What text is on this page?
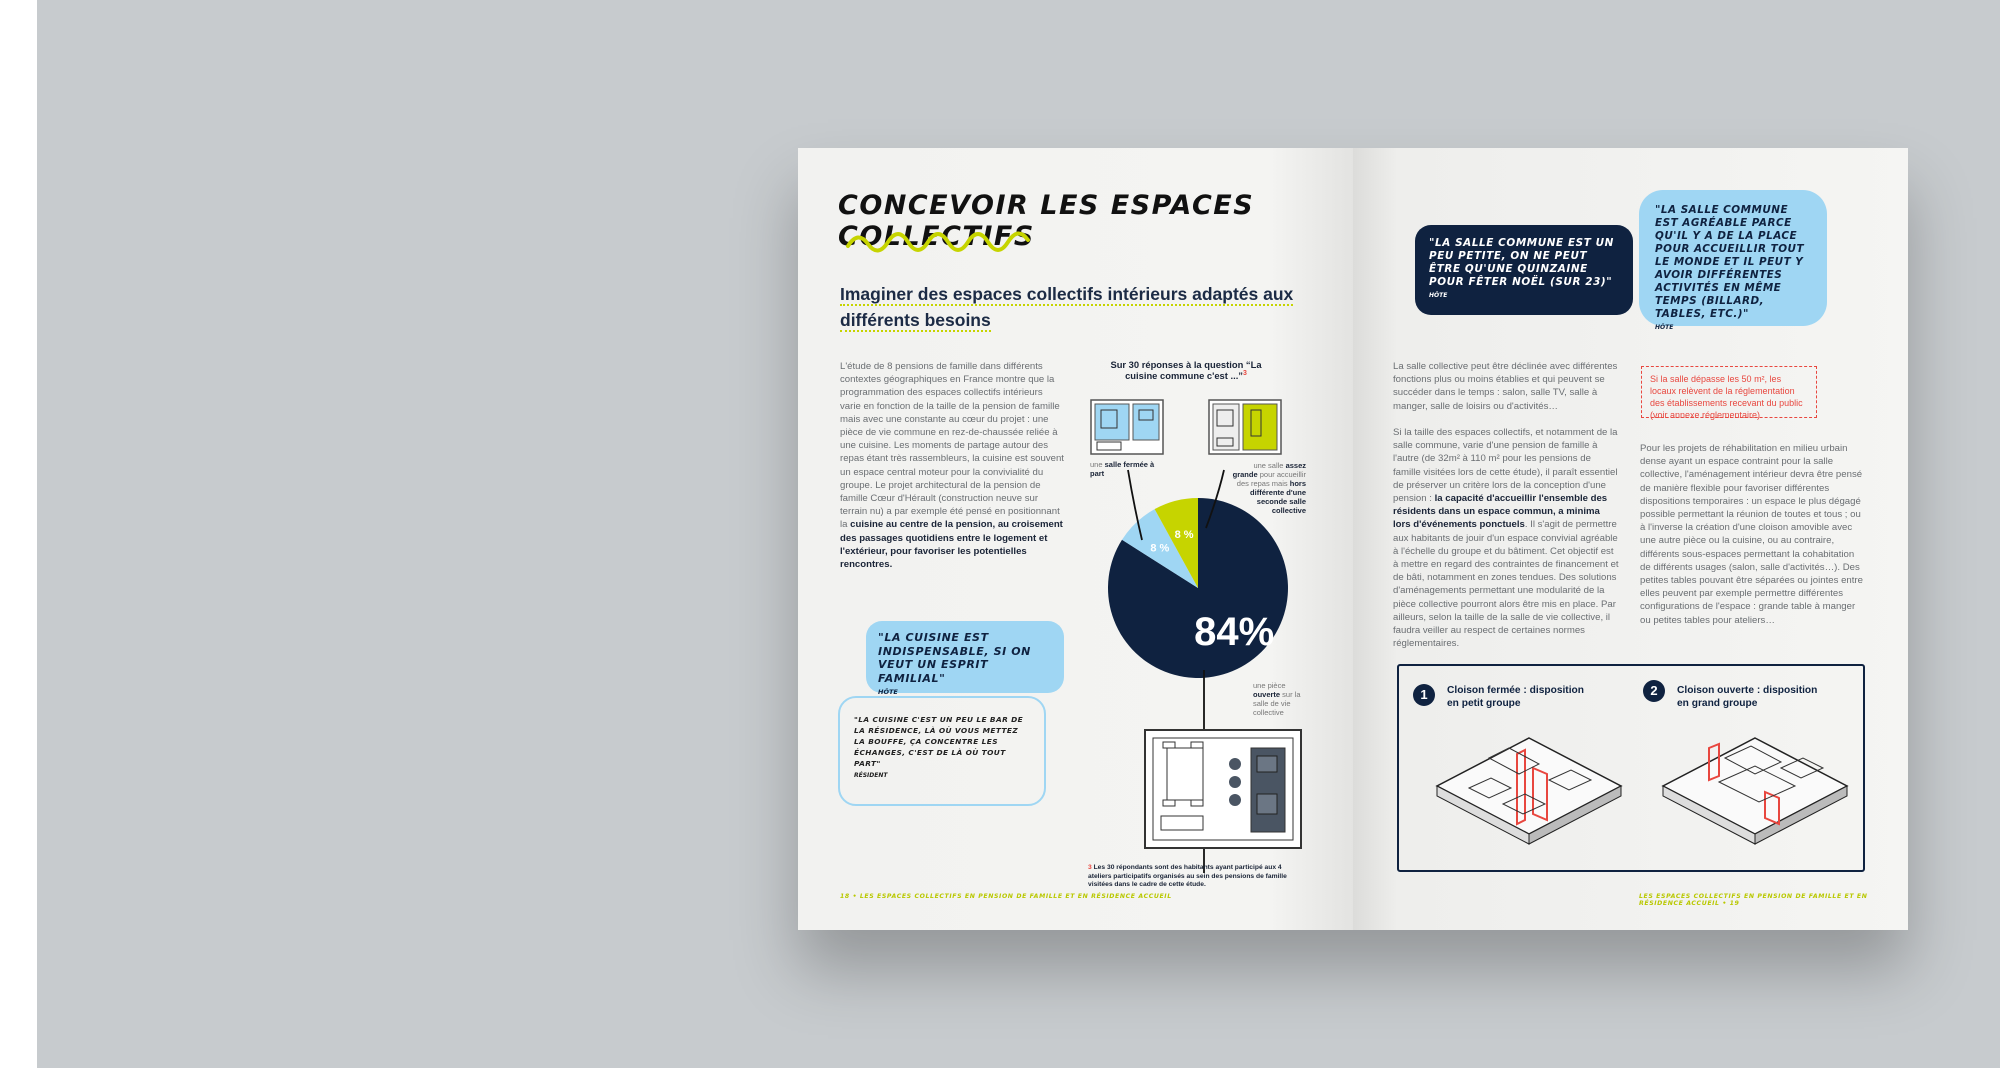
CONCEVOIR LES ESPACES COLLECTIFS
Imaginer des espaces collectifs intérieurs adaptés aux différents besoins
L'étude de 8 pensions de famille dans différents contextes géographiques en France montre que la programmation des espaces collectifs intérieurs varie en fonction de la taille de la pension de famille mais avec une constante au cœur du projet : une pièce de vie commune en rez-de-chaussée reliée à une cuisine. Les moments de partage autour des repas étant très rassembleurs, la cuisine est souvent un espace central moteur pour la convivialité du groupe. Le projet architectural de la pension de famille Cœur d'Hérault (construction neuve sur terrain nu) a par exemple été pensé en positionnant la cuisine au centre de la pension, au croisement des passages quotidiens entre le logement et l'extérieur, pour favoriser les potentielles rencontres.
Sur 30 réponses à la question “La cuisine commune c'est ...”$^3$
une salle fermée à part
une salle assez grande pour accueillir des repas mais hors différente d'une seconde salle collective
84%
8 %
8 %
une pièce ouverte sur la salle de vie collective
"LA CUISINE EST INDISPENSABLE, SI ON VEUT UN ESPRIT FAMILIAL"
HÔTE
"LA CUISINE C'EST UN PEU LE BAR DE LA RÉSIDENCE, LÀ OÙ VOUS METTEZ LA BOUFFE, ÇA CONCENTRE LES ÉCHANGES, C'EST DE LÀ OÙ TOUT PART"
RÉSIDENT
3 Les 30 répondants sont des habitants ayant participé aux 4 ateliers participatifs organisés au sein des pensions de famille visitées dans le cadre de cette étude.
18 • LES ESPACES COLLECTIFS EN PENSION DE FAMILLE ET EN RÉSIDENCE ACCUEIL
"LA SALLE COMMUNE EST UN PEU PETITE, ON NE PEUT ÊTRE QU'UNE QUINZAINE POUR FÊTER NOËL (SUR 23)"
HÔTE
"LA SALLE COMMUNE EST AGRÉABLE PARCE QU'IL Y A DE LA PLACE POUR ACCUEILLIR TOUT LE MONDE ET IL PEUT Y AVOIR DIFFÉRENTES ACTIVITÉS EN MÊME TEMPS (BILLARD, TABLES, ETC.)"
HÔTE
La salle collective peut être déclinée avec différentes fonctions plus ou moins établies et qui peuvent se succéder dans le temps : salon, salle TV, salle à manger, salle de loisirs ou d'activités…
Si la taille des espaces collectifs, et notamment de la salle commune, varie d'une pension de famille à l'autre (de 32m² à 110 m² pour les pensions de famille visitées lors de cette étude), il paraît essentiel de préserver un critère lors de la conception d'une pension : la capacité d'accueillir l'ensemble des résidents dans un espace commun, a minima lors d'événements ponctuels. Il s'agit de permettre aux habitants de jouir d'un espace convivial agréable à l'échelle du groupe et du bâtiment. Cet objectif est à mettre en regard des contraintes de financement et de bâti, notamment en zones tendues. Des solutions d'aménagements permettant une modularité de la pièce collective pourront alors être mis en place. Par ailleurs, selon la taille de la salle de vie collective, il faudra veiller au respect de certaines normes réglementaires.
Si la salle dépasse les 50 m², les locaux relèvent de la réglementation des établissements recevant du public (voir annexe réglementaire).
Pour les projets de réhabilitation en milieu urbain dense ayant un espace contraint pour la salle collective, l'aménagement intérieur devra être pensé de manière flexible pour favoriser différentes dispositions temporaires : un espace le plus dégagé possible permettant la réunion de toutes et tous ; ou à l'inverse la création d'une cloison amovible avec une autre pièce ou la cuisine, ou au contraire, différents sous-espaces permettant la cohabitation de différents usages (salon, salle d'activités…). Des petites tables pouvant être séparées ou jointes entre elles peuvent par exemple permettre différentes configurations de l'espace : grande table à manger ou petites tables pour ateliers…
1	Cloison fermée : disposition en petit groupe
2	Cloison ouverte : disposition en grand groupe
LES ESPACES COLLECTIFS EN PENSION DE FAMILLE ET EN RÉSIDENCE ACCUEIL • 19
